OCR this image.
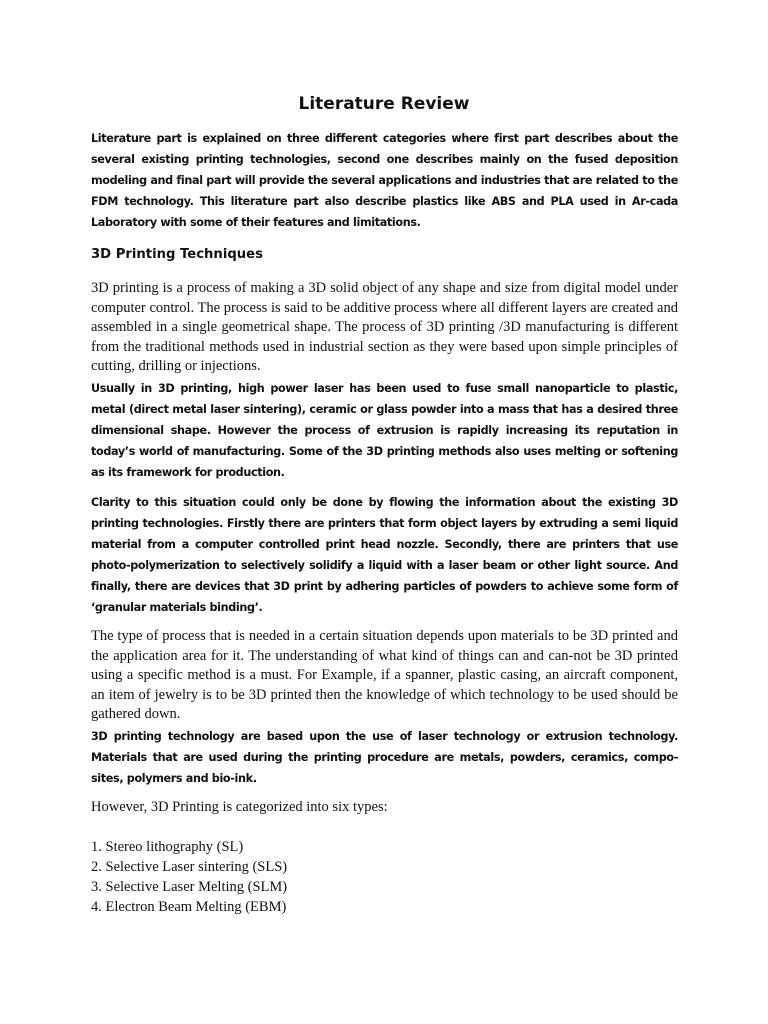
Literature Review

Literature part is explained on three different categories where first part describes about the several existing printing technologies, second one describes mainly on the fused deposition modeling and final part will provide the several applications and industries that are related to the FDM technology. This literature part also describe plastics like ABS and PLA used in Ar-cada Laboratory with some of their features and limitations.

3D Printing Techniques

3D printing is a process of making a 3D solid object of any shape and size from digital model under computer control. The process is said to be additive process where all different layers are created and assembled in a single geometrical shape. The process of 3D printing /3D manufacturing is different from the traditional methods used in industrial section as they were based upon simple principles of cutting, drilling or injections.

Usually in 3D printing, high power laser has been used to fuse small nanoparticle to plastic, metal (direct metal laser sintering), ceramic or glass powder into a mass that has a desired three dimensional shape. However the process of extrusion is rapidly increasing its reputation in today’s world of manufacturing. Some of the 3D printing methods also uses melting or softening as its framework for production.

Clarity to this situation could only be done by flowing the information about the existing 3D printing technologies. Firstly there are printers that form object layers by extruding a semi liquid material from a computer controlled print head nozzle. Secondly, there are printers that use photo-polymerization to selectively solidify a liquid with a laser beam or other light source. And finally, there are devices that 3D print by adhering particles of powders to achieve some form of ‘granular materials binding’.

The type of process that is needed in a certain situation depends upon materials to be 3D printed and the application area for it. The understanding of what kind of things can and can-not be 3D printed using a specific method is a must. For Example, if a spanner, plastic casing, an aircraft component, an item of jewelry is to be 3D printed then the knowledge of which technology to be used should be gathered down.

3D printing technology are based upon the use of laser technology or extrusion technology. Materials that are used during the printing procedure are metals, powders, ceramics, compo-sites, polymers and bio-ink.

However, 3D Printing is categorized into six types:

1. Stereo lithography (SL)
2. Selective Laser sintering (SLS)
3. Selective Laser Melting (SLM)
4. Electron Beam Melting (EBM)
